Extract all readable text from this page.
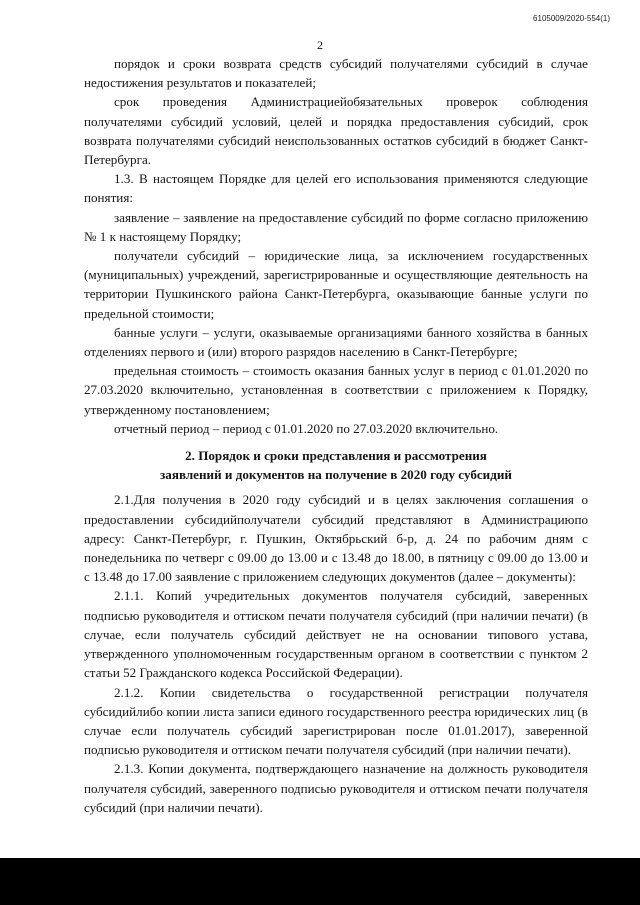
6105009/2020-554(1)
2

порядок и сроки возврата средств субсидий получателями субсидий в случае недостижения результатов и показателей;

срок проведения Администрациейобязательных проверок соблюдения получателями субсидий условий, целей и порядка предоставления субсидий, срок возврата получателями субсидий неиспользованных остатков субсидий в бюджет Санкт-Петербурга.

1.3. В настоящем Порядке для целей его использования применяются следующие понятия:

заявление – заявление на предоставление субсидий по форме согласно приложению № 1 к настоящему Порядку;

получатели субсидий – юридические лица, за исключением государственных (муниципальных) учреждений, зарегистрированные и осуществляющие деятельность на территории Пушкинского района Санкт-Петербурга, оказывающие банные услуги по предельной стоимости;

банные услуги – услуги, оказываемые организациями банного хозяйства в банных отделениях первого и (или) второго разрядов населению в Санкт-Петербурге;

предельная стоимость – стоимость оказания банных услуг в период с 01.01.2020 по 27.03.2020 включительно, установленная в соответствии с приложением к Порядку, утвержденному постановлением;

отчетный период – период с 01.01.2020 по 27.03.2020 включительно.

2. Порядок и сроки представления и рассмотрения
заявлений и документов на получение в 2020 году субсидий

2.1.Для получения в 2020 году субсидий и в целях заключения соглашения о предоставлении субсидийполучатели субсидий представляют в Администрациюпо адресу: Санкт-Петербург, г. Пушкин, Октябрьский б-р, д. 24 по рабочим дням с понедельника по четверг с 09.00 до 13.00 и с 13.48 до 18.00, в пятницу с 09.00 до 13.00 и с 13.48 до 17.00 заявление с приложением следующих документов (далее – документы):

2.1.1. Копий учредительных документов получателя субсидий, заверенных подписью руководителя и оттиском печати получателя субсидий (при наличии печати) (в случае, если получатель субсидий действует не на основании типового устава, утвержденного уполномоченным государственным органом в соответствии с пунктом 2 статьи 52 Гражданского кодекса Российской Федерации).

2.1.2. Копии свидетельства о государственной регистрации получателя субсидийлибо копии листа записи единого государственного реестра юридических лиц (в случае если получатель субсидий зарегистрирован после 01.01.2017), заверенной подписью руководителя и оттиском печати получателя субсидий (при наличии печати).

2.1.3. Копии документа, подтверждающего назначение на должность руководителя получателя субсидий, заверенного подписью руководителя и оттиском печати получателя субсидий (при наличии печати).
